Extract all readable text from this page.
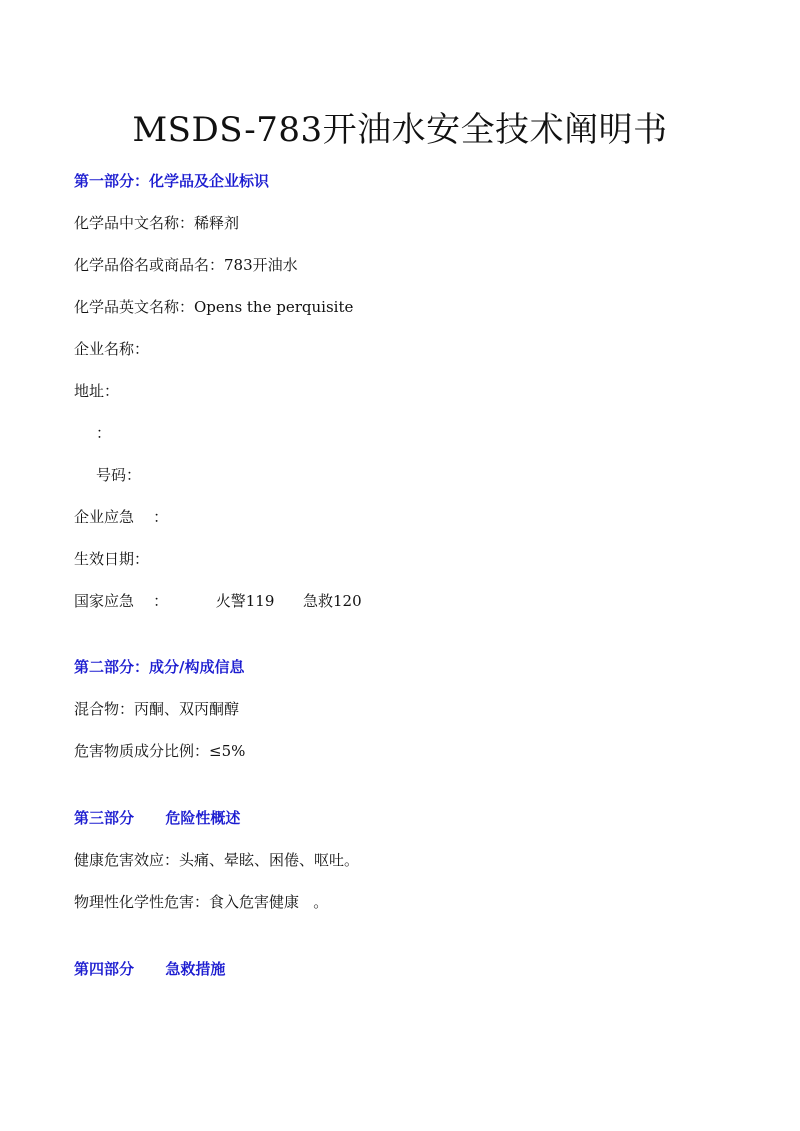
MSDS-783开油水安全技术阐明书
第一部分：化学品及企业标识
化学品中文名称：稀释剂
化学品俗名或商品名：783开油水
化学品英文名称：Opens the perquisite
企业名称：
地址：
：
号码：
企业应急    ：
生效日期：
国家应急    ：          火警119      急救120
第二部分：成分/构成信息
混合物：丙酮、双丙酮醇
危害物质成分比例：≤5%
第三部分      危险性概述
健康危害效应：头痛、晕眩、困倦、呕吐。
物理性化学性危害：食入危害健康   。
第四部分      急救措施
